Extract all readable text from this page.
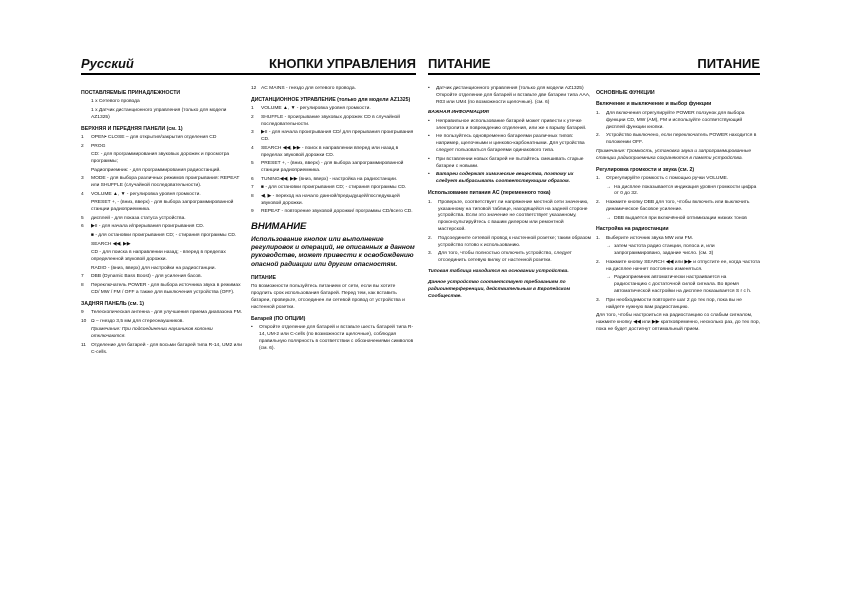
Русский	КНОПКИ УПРАВЛЕНИЯ ПИТАНИЕ	ПИТАНИЕ
ПОСТАВЛЯЕМЫЕ ПРИНАДЛЕЖНОСТИ
1 x Сетевого провода
1 x Датчик дистанционного управления (только для модели AZ1325)
ВЕРХНЯЯ И ПЕРЕДНЯЯ ПАНЕЛИ (см. 1)
1	OPEN• CLOSE – для открытия/закрытия отделения CD
2	PROG
CD: - для программирования звуковых дорожек и просмотра программы;
Радиоприемник: - для программирования радиостанций.
3	MODE - для выбора различных режимов проигрывания: REPEAT или SHUFFLE (случайной последовательности).
4	VOLUME ▲, ▼ - регулировка уровня громкости.
PRESET +, - (вниз, вверх) - для выбора запрограммированной станции радиоприемника.
5	дисплей - для показа статуса устройства.
6	▶II - для начала и/прерывания проигрывания CD.
■ - для остановки проигрывания CD; - стирания программы CD.
SEARCH ◀◀, ▶▶
CD - для поиска в направлении назад; - вперед в пределах определенной звуковой дорожки.
RADIO - (вниз, вверх) для настройки на радиостанции.
7	DBB (Dynamic Bass Boost) - для усиления басов.
8	Переключатель POWER - для выбора источника звука в режимах CD/ MW / FM / OFF а также для выключения устройства (OFF).
ЗАДНЯЯ ПАНЕЛЬ (см. 1)
9	Телескопическая антенна - для улучшения приема диапазона FM.
10 Ω – гнездо 3,5 мм для стереонаушников.
Примечание: При подсоединении наушников колонки отключаются.
11	Отделение для батарей - для восьми батарей типа R-14, UM2 или C-cells.
12 AC MAINS - гнездо для сетевого провода.
ДИСТАНЦИОННОЕ УПРАВЛЕНИЕ (только для модели AZ1325)
1	VOLUME ▲, ▼ - регулировка уровня громкости.
2	SHUFFLE - проигрывание звуковых дорожек CD в случайной последовательности.
3	▶II - для начала проигрывания CD/ для прерывания проигрывания CD.
4	SEARCH ◀◀, ▶▶ - поиск в направлении вперед или назад в пределах звуковой дорожки CD.
5	PRESET +, - (вниз, вверх) - для выбора запрограммированной станции радиоприемника.
6	TUNING◀◀, ▶▶ (вниз, вверх) - настройка на радиостанции.
7	■ - для остановки проигрывания CD; - стирания программы CD.
8	◀, ▶ - переход на начало данной/предыдущей/последующей звуковой дорожки.
9	REPEAT - повторение звуковой дорожки/ программы CD/всего CD.
ВНИМАНИЕ
Использование кнопок или выполнение регулировок и операций, не описанных в данном руководстве, может привести к освобождению опасной радиации или другим опасностям.
ПИТАНИЕ
По возможности пользуйтесь питанием от сети, если вы хотите продлить срок использования батарей. Перед тем, как вставить батареи, проверьте, отсоединен ли сетевой провод от устройства и настенной розетки.
Батарей (ПО ОПЦИИ)
•	Откройте отделение для батарей и вставьте шесть батарей типа R-14, UM-2 или C-cells (по возможности щелочные), соблюдая правильную полярность в соответствии с обозначениями символов (см. 6).
•	Датчик дистанционного управления (только для модели AZ1325) Откройте отделение для батарей и вставьте две батареи типа AAA, R03 или UM4 (по возможности щелочные). (см. 6)
ВАЖНАЯ ИНФОРМАЦИЯ!
•	Неправильное использование батарей может привести к утечке электролита и повреждению отделения, или же к взрыву батарей.
•	Не пользуйтесь одновременно батареями различных типов: например, щелочными и цинково-карбонатными. Для устройства следует пользоваться батареями одинакового типа.
•	При вставлении новых батарей не пытайтесь смешивать старые батареи с новыми.
•	Батареи содержат химические вещества, поэтому их следует выбрасывать соответствующим образом.
Использование питания AC (переменного тока)
1.	Проверьте, соответствует ли напряжение местной сети значению, указанному на типовой таблице, находящейся на задней стороне устройства. Если это значение не соответствует указанному, проконсультируйтесь с вашим дилером или ремонтной мастерской.
2.	Подсоедините сетевой провод к настенной розетке; таким образом устройство готово к использованию.
3.	Для того, чтобы полностью отключить устройство, следует отсоединить сетевую вилку от настенной розетки.
Типовая таблица находится на основании устройства.
Данное устройство соответствует требованиям по радиоинтерференции, действительным в Европейском Сообществе.
ОСНОВНЫЕ ФУНКЦИИ
Включение и выключение и выбор функции
1.	Для включения отрегулируйте POWER ползунок для выбора функции CD, MW (AM), FM и используйте соответствующий дисплей функции кнопки.
2.	Устройство выключено, если переключатель POWER находится в положении OFF.
Примечание: Громкость, установка звука и запрограммированные станции радиоприемника сохраняются в памяти устройства.
Регулировка громкости и звука (см. 2)
1.	Отрегулируйте громкость с помощью ручки VOLUME.
→ На дисплее показывается индикация уровня громкости цифра от 0 до 32.
2.	Нажмите кнопку DBB для того, чтобы включить или выключить динамическое басовое усиление.
→ DBB выдаётся при включённой оптимизации низких тонов
Настройка на радиостанции
1.	Выберите источник звука MW или FM.
→ затем частота радио станции, полоса и, или запрограммировано, задание число. (см. 3)
2.	Нажмите кнопку SEARCH ◀◀ или ▶▶ и отпустите ее, когда частота на дисплее начнет постоянно изменяться.
→ Радиоприемник автоматически настраивается на радиостанцию с достаточной силой сигнала. Во время автоматической настройки на дисплее показывается S r c h.
3.	При необходимости повторите шаг 2 до тех пор, пока вы не найдете нужную вам радиостанцию.
Для того, чтобы настроиться на радиостанцию со слабым сигналом, нажмите кнопку ◀◀ или ▶▶ кратковременно, несколько раз, до тех пор, пока не будет достигнут оптимальный прием.
